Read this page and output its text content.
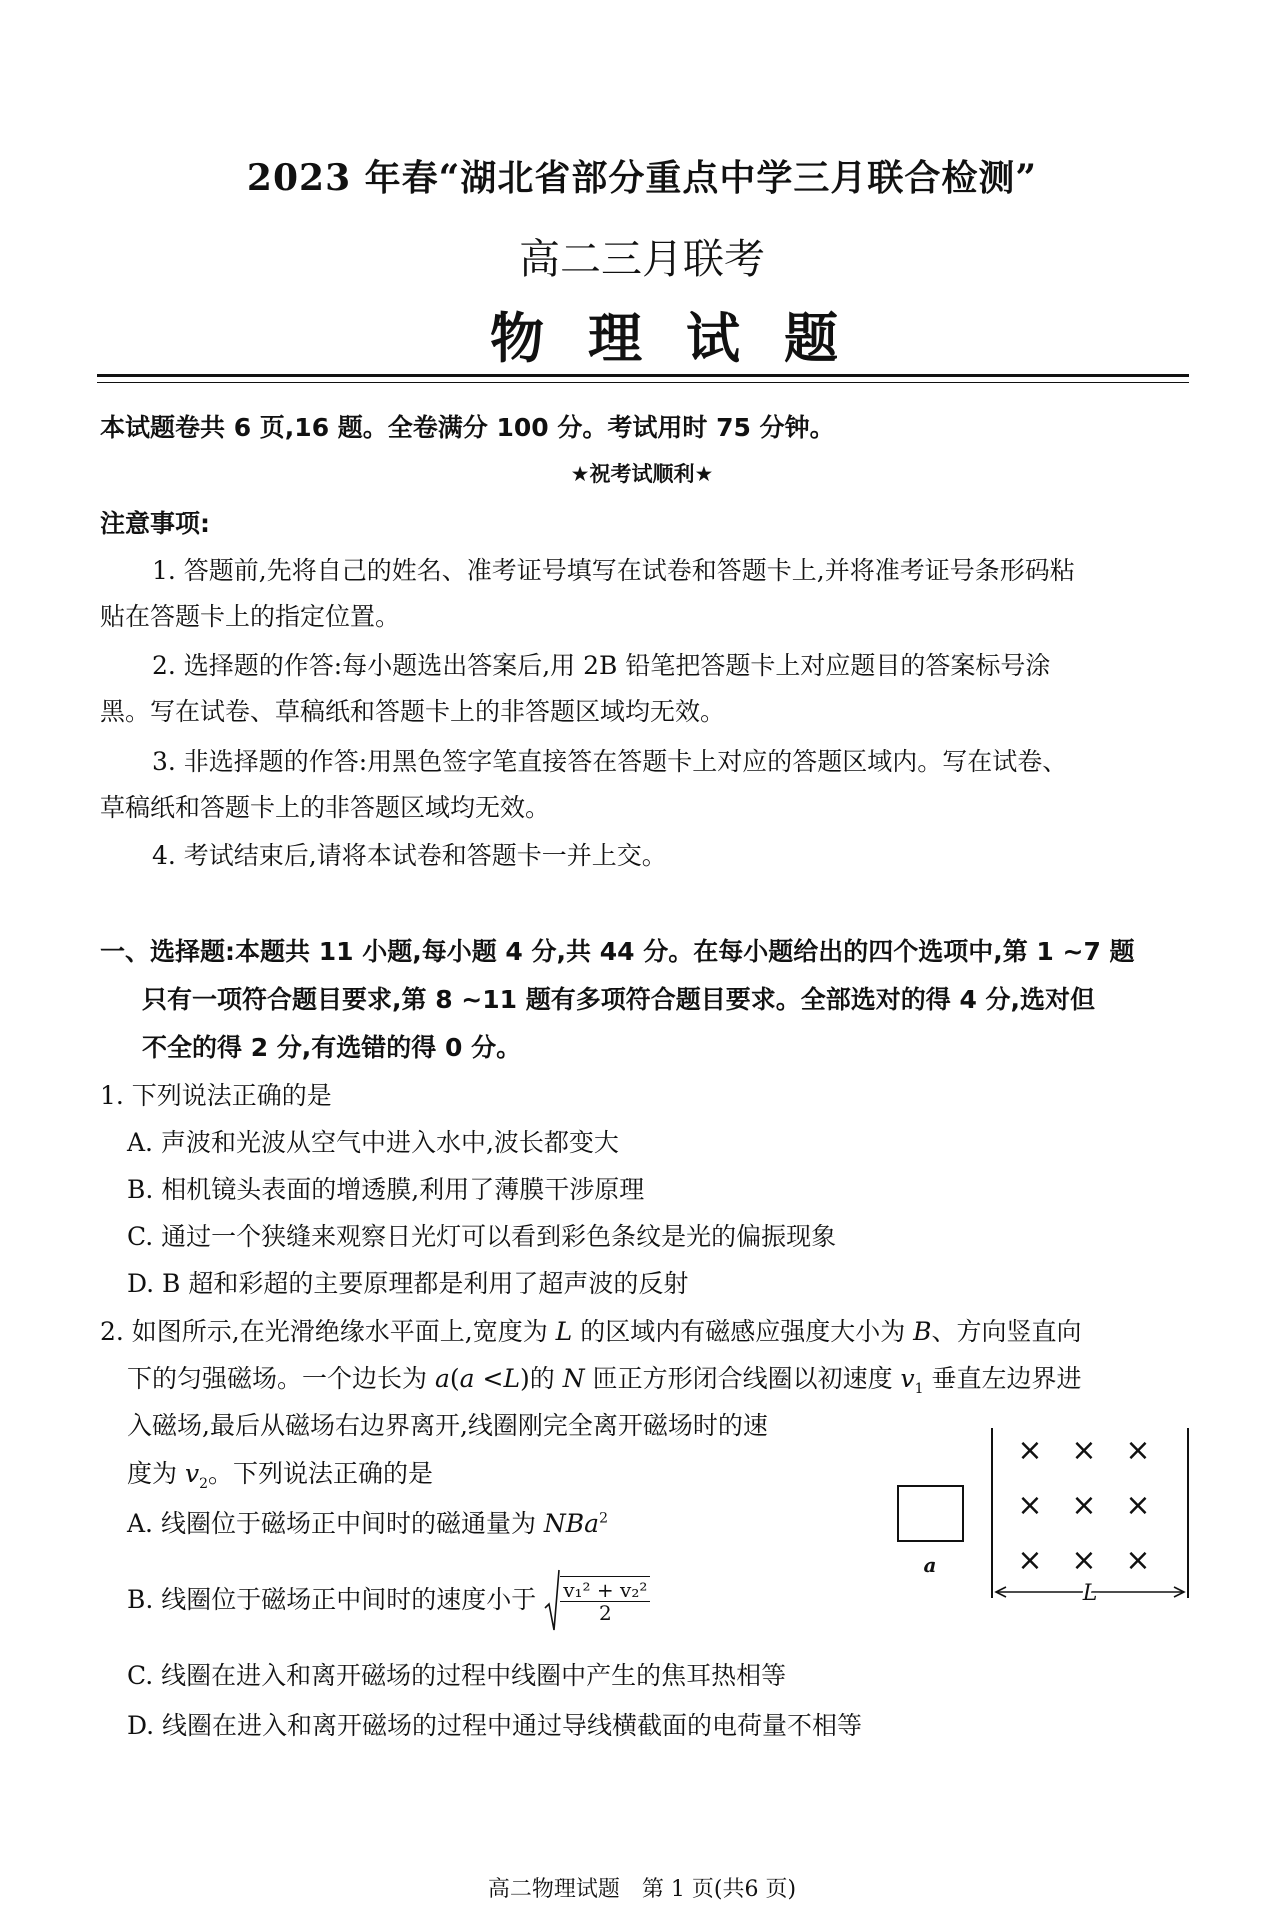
2023 年春“湖北省部分重点中学三月联合检测”
高二三月联考
物理试题
本试题卷共 6 页,16 题。全卷满分 100 分。考试用时 75 分钟。
★祝考试顺利★
注意事项:
1. 答题前,先将自己的姓名、准考证号填写在试卷和答题卡上,并将准考证号条形码粘
贴在答题卡上的指定位置。
2. 选择题的作答:每小题选出答案后,用 2B 铅笔把答题卡上对应题目的答案标号涂
黑。写在试卷、草稿纸和答题卡上的非答题区域均无效。
3. 非选择题的作答:用黑色签字笔直接答在答题卡上对应的答题区域内。写在试卷、
草稿纸和答题卡上的非答题区域均无效。
4. 考试结束后,请将本试卷和答题卡一并上交。
一、选择题:本题共 11 小题,每小题 4 分,共 44 分。在每小题给出的四个选项中,第 1 ~7 题
只有一项符合题目要求,第 8 ~11 题有多项符合题目要求。全部选对的得 4 分,选对但
不全的得 2 分,有选错的得 0 分。
1. 下列说法正确的是
A. 声波和光波从空气中进入水中,波长都变大
B. 相机镜头表面的增透膜,利用了薄膜干涉原理
C. 通过一个狭缝来观察日光灯可以看到彩色条纹是光的偏振现象
D. B 超和彩超的主要原理都是利用了超声波的反射
2. 如图所示,在光滑绝缘水平面上,宽度为 L 的区域内有磁感应强度大小为 B、方向竖直向
下的匀强磁场。一个边长为 a(a <L)的 N 匝正方形闭合线圈以初速度 $v_1$ 垂直左边界进
入磁场,最后从磁场右边界离开,线圈刚完全离开磁场时的速
度为 $v_2$。下列说法正确的是
A. 线圈位于磁场正中间时的磁通量为 NBa$^2$
B. 线圈位于磁场正中间时的速度小于 $\frac{\text{v₁² + v₂²}}{2}$
C. 线圈在进入和离开磁场的过程中线圈中产生的焦耳热相等
D. 线圈在进入和离开磁场的过程中通过导线横截面的电荷量不相等
× × ×
× × ×
× × ×
a
L
高二物理试题　第 1 页(共6 页)
